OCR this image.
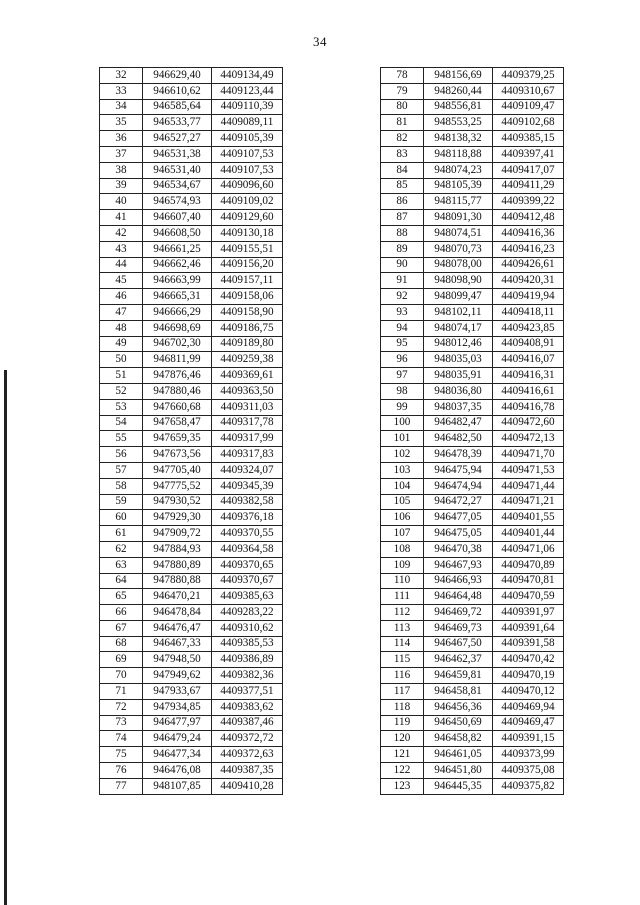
34
32	946629,40	4409134,49
33	946610,62	4409123,44
34	946585,64	4409110,39
35	946533,77	4409089,11
36	946527,27	4409105,39
37	946531,38	4409107,53
38	946531,40	4409107,53
39	946534,67	4409096,60
40	946574,93	4409109,02
41	946607,40	4409129,60
42	946608,50	4409130,18
43	946661,25	4409155,51
44	946662,46	4409156,20
45	946663,99	4409157,11
46	946665,31	4409158,06
47	946666,29	4409158,90
48	946698,69	4409186,75
49	946702,30	4409189,80
50	946811,99	4409259,38
51	947876,46	4409369,61
52	947880,46	4409363,50
53	947660,68	4409311,03
54	947658,47	4409317,78
55	947659,35	4409317,99
56	947673,56	4409317,83
57	947705,40	4409324,07
58	947775,52	4409345,39
59	947930,52	4409382,58
60	947929,30	4409376,18
61	947909,72	4409370,55
62	947884,93	4409364,58
63	947880,89	4409370,65
64	947880,88	4409370,67
65	946470,21	4409385,63
66	946478,84	4409283,22
67	946476,47	4409310,62
68	946467,33	4409385,53
69	947948,50	4409386,89
70	947949,62	4409382,36
71	947933,67	4409377,51
72	947934,85	4409383,62
73	946477,97	4409387,46
74	946479,24	4409372,72
75	946477,34	4409372,63
76	946476,08	4409387,35
77	948107,85	4409410,28
78	948156,69	4409379,25
79	948260,44	4409310,67
80	948556,81	4409109,47
81	948553,25	4409102,68
82	948138,32	4409385,15
83	948118,88	4409397,41
84	948074,23	4409417,07
85	948105,39	4409411,29
86	948115,77	4409399,22
87	948091,30	4409412,48
88	948074,51	4409416,36
89	948070,73	4409416,23
90	948078,00	4409426,61
91	948098,90	4409420,31
92	948099,47	4409419,94
93	948102,11	4409418,11
94	948074,17	4409423,85
95	948012,46	4409408,91
96	948035,03	4409416,07
97	948035,91	4409416,31
98	948036,80	4409416,61
99	948037,35	4409416,78
100	946482,47	4409472,60
101	946482,50	4409472,13
102	946478,39	4409471,70
103	946475,94	4409471,53
104	946474,94	4409471,44
105	946472,27	4409471,21
106	946477,05	4409401,55
107	946475,05	4409401,44
108	946470,38	4409471,06
109	946467,93	4409470,89
110	946466,93	4409470,81
111	946464,48	4409470,59
112	946469,72	4409391,97
113	946469,73	4409391,64
114	946467,50	4409391,58
115	946462,37	4409470,42
116	946459,81	4409470,19
117	946458,81	4409470,12
118	946456,36	4409469,94
119	946450,69	4409469,47
120	946458,82	4409391,15
121	946461,05	4409373,99
122	946451,80	4409375,08
123	946445,35	4409375,82
